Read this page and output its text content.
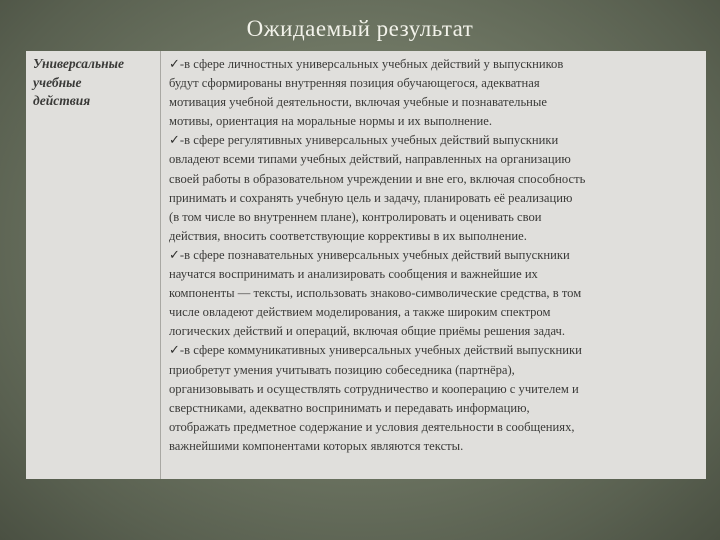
Ожидаемый результат
Универсальные
учебные
действия
✓-в сфере личностных универсальных учебных действий у выпускников
будут сформированы внутренняя позиция обучающегося, адекватная
мотивация учебной деятельности, включая учебные и познавательные
мотивы, ориентация на моральные нормы и их выполнение.
✓-в сфере регулятивных универсальных учебных действий выпускники
овладеют всеми типами учебных действий, направленных на организацию
своей работы в образовательном учреждении и вне его, включая способность
принимать и сохранять учебную цель и задачу, планировать её реализацию
(в том числе во внутреннем плане), контролировать и оценивать свои
действия, вносить соответствующие коррективы в их выполнение.
✓-в сфере познавательных универсальных учебных действий выпускники
научатся воспринимать и анализировать сообщения и важнейшие их
компоненты — тексты, использовать знаково-символические средства, в том
числе овладеют действием моделирования, а также широким спектром
логических действий и операций, включая общие приёмы решения задач.
✓-в сфере коммуникативных универсальных учебных действий выпускники
приобретут умения учитывать позицию собеседника (партнёра),
организовывать и осуществлять сотрудничество и кооперацию с учителем и
сверстниками, адекватно воспринимать и передавать информацию,
отображать предметное содержание и условия деятельности в сообщениях,
важнейшими компонентами которых являются тексты.
